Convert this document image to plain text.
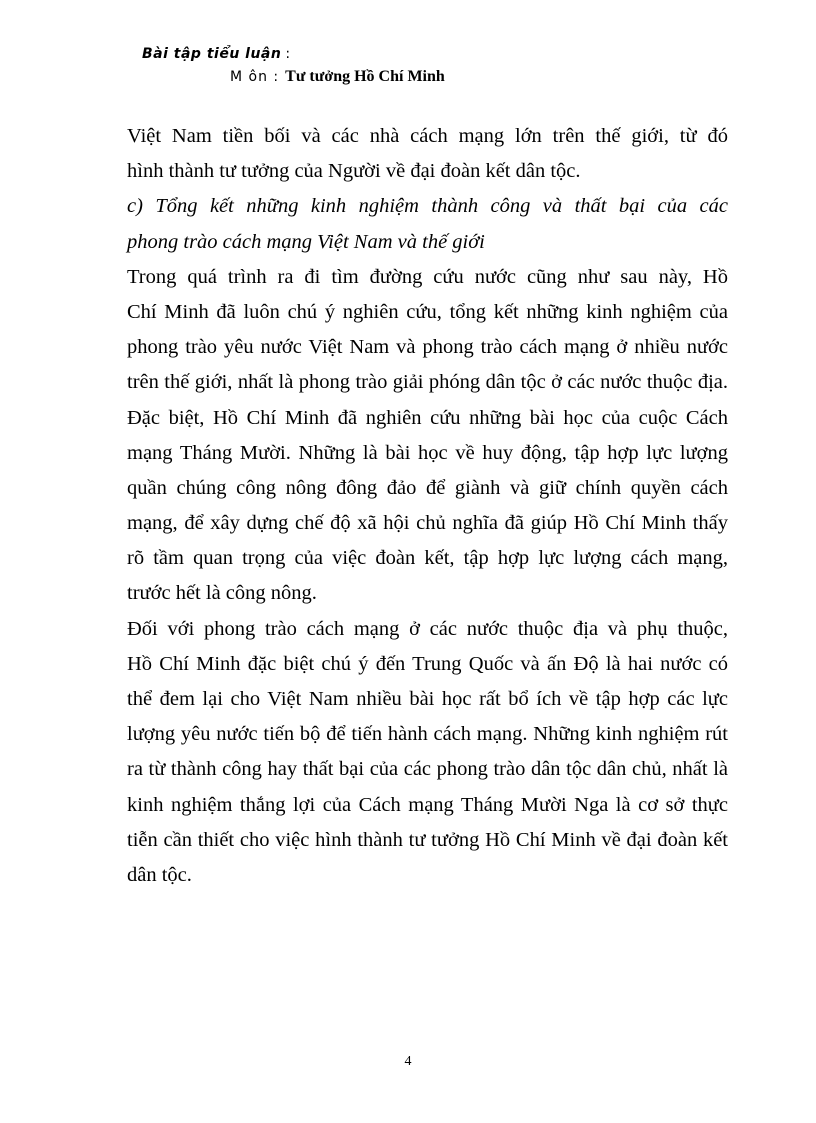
Bài tập tiểu luận :
M ôn : Tư tưởng Hồ Chí Minh
Việt Nam tiền bối và các nhà cách mạng lớn trên thế giới, từ đó
hình thành tư tưởng của Người về đại đoàn kết dân tộc.
c) Tổng kết những kinh nghiệm thành công và thất bại của các
phong trào cách mạng Việt Nam và thế giới
Trong quá trình ra đi tìm đường cứu nước cũng như sau này, Hồ
Chí Minh đã luôn chú ý nghiên cứu, tổng kết những kinh nghiệm của
phong trào yêu nước Việt Nam và phong trào cách mạng ở nhiều nước
trên thế giới, nhất là phong trào giải phóng dân tộc ở các nước thuộc địa.
Đặc biệt, Hồ Chí Minh đã nghiên cứu những bài học của cuộc Cách
mạng Tháng Mười. Những là bài học về huy động, tập hợp lực lượng
quần chúng công nông đông đảo để giành và giữ chính quyền cách
mạng, để xây dựng chế độ xã hội chủ nghĩa đã giúp Hồ Chí Minh thấy
rõ tầm quan trọng của việc đoàn kết, tập hợp lực lượng cách mạng,
trước hết là công nông.
Đối với phong trào cách mạng ở các nước thuộc địa và phụ thuộc,
Hồ Chí Minh đặc biệt chú ý đến Trung Quốc và ấn Độ là hai nước có
thể đem lại cho Việt Nam nhiều bài học rất bổ ích về tập hợp các lực
lượng yêu nước tiến bộ để tiến hành cách mạng. Những kinh nghiệm rút
ra từ thành công hay thất bại của các phong trào dân tộc dân chủ, nhất là
kinh nghiệm thắng lợi của Cách mạng Tháng Mười Nga là cơ sở thực
tiễn cần thiết cho việc hình thành tư tưởng Hồ Chí Minh về đại đoàn kết
dân tộc.
4
